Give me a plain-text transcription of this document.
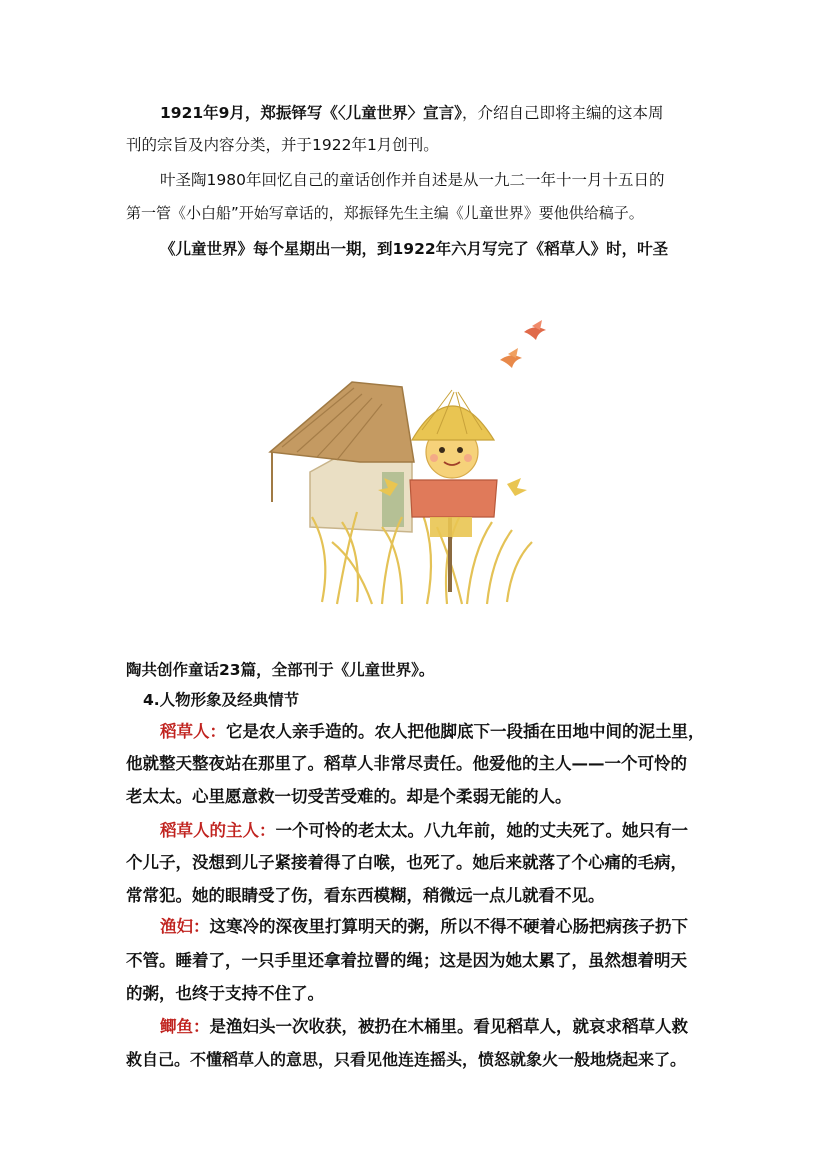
1921年9月，郑振铎写《〈儿童世界〉宣言》，介绍自己即将主编的这本周
刊的宗旨及内容分类，并于1922年1月创刊。
叶圣陶1980年回忆自己的童话创作并自述是从一九二一年十一月十五日的
第一管《小白船”开始写章话的，郑振铎先生主编《儿童世界》要他供给稿子。
《儿童世界》每个星期出一期，到1922年六月写完了《稻草人》时，叶圣
陶共创作童话23篇，全部刊于《儿童世界》。
4.人物形象及经典情节
稻草人：它是农人亲手造的。农人把他脚底下一段插在田地中间的泥土里，
他就整天整夜站在那里了。稻草人非常尽责任。他爱他的主人——一个可怜的
老太太。心里愿意救一切受苦受难的。却是个柔弱无能的人。
稻草人的主人：一个可怜的老太太。八九年前，她的丈夫死了。她只有一
个儿子，没想到儿子紧接着得了白喉，也死了。她后来就落了个心痛的毛病，
常常犯。她的眼睛受了伤，看东西模糊，稍微远一点儿就看不见。
渔妇：这寒冷的深夜里打算明天的粥，所以不得不硬着心肠把病孩子扔下
不管。睡着了，一只手里还拿着拉罾的绳；这是因为她太累了，虽然想着明天
的粥，也终于支持不住了。
鲫鱼：是渔妇头一次收获，被扔在木桶里。看见稻草人，就哀求稻草人救
救自己。不懂稻草人的意思，只看见他连连摇头，愤怒就象火一般地烧起来了。
